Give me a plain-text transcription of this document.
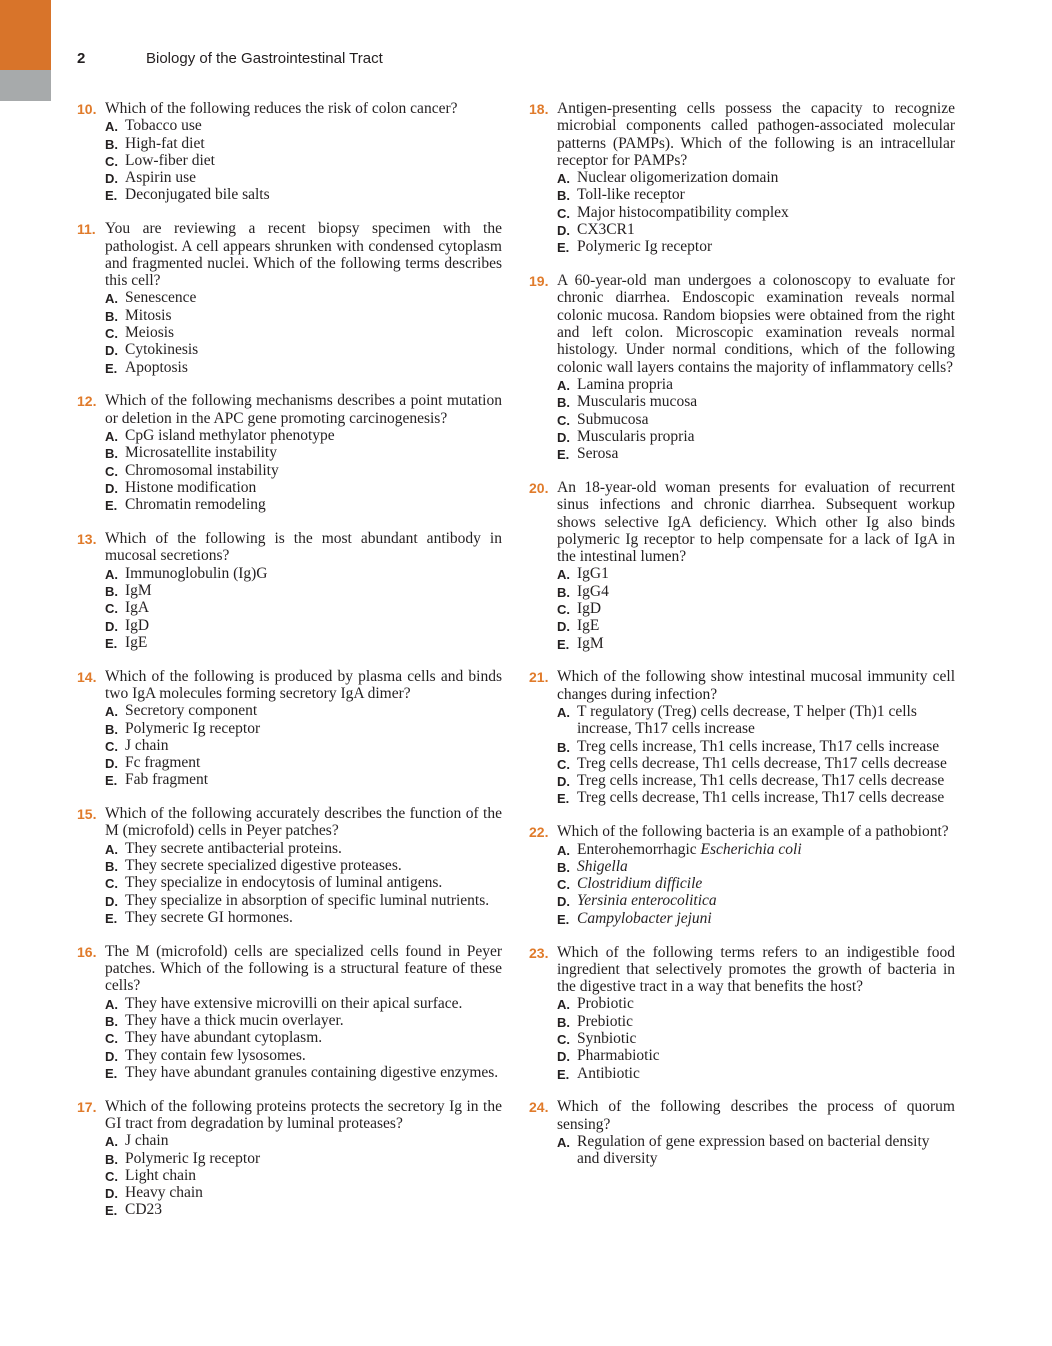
2	Biology of the Gastrointestinal Tract
10. Which of the following reduces the risk of colon cancer?
A. Tobacco use
B. High-fat diet
C. Low-fiber diet
D. Aspirin use
E. Deconjugated bile salts
11. You are reviewing a recent biopsy specimen with the pathologist. A cell appears shrunken with condensed cytoplasm and fragmented nuclei. Which of the following terms describes this cell?
A. Senescence
B. Mitosis
C. Meiosis
D. Cytokinesis
E. Apoptosis
12. Which of the following mechanisms describes a point mutation or deletion in the APC gene promoting carcinogenesis?
A. CpG island methylator phenotype
B. Microsatellite instability
C. Chromosomal instability
D. Histone modification
E. Chromatin remodeling
13. Which of the following is the most abundant antibody in mucosal secretions?
A. Immunoglobulin (Ig)G
B. IgM
C. IgA
D. IgD
E. IgE
14. Which of the following is produced by plasma cells and binds two IgA molecules forming secretory IgA dimer?
A. Secretory component
B. Polymeric Ig receptor
C. J chain
D. Fc fragment
E. Fab fragment
15. Which of the following accurately describes the function of the M (microfold) cells in Peyer patches?
A. They secrete antibacterial proteins.
B. They secrete specialized digestive proteases.
C. They specialize in endocytosis of luminal antigens.
D. They specialize in absorption of specific luminal nutrients.
E. They secrete GI hormones.
16. The M (microfold) cells are specialized cells found in Peyer patches. Which of the following is a structural feature of these cells?
A. They have extensive microvilli on their apical surface.
B. They have a thick mucin overlayer.
C. They have abundant cytoplasm.
D. They contain few lysosomes.
E. They have abundant granules containing digestive enzymes.
17. Which of the following proteins protects the secretory Ig in the GI tract from degradation by luminal proteases?
A. J chain
B. Polymeric Ig receptor
C. Light chain
D. Heavy chain
E. CD23
18. Antigen-presenting cells possess the capacity to recognize microbial components called pathogen-associated molecular patterns (PAMPs). Which of the following is an intracellular receptor for PAMPs?
A. Nuclear oligomerization domain
B. Toll-like receptor
C. Major histocompatibility complex
D. CX3CR1
E. Polymeric Ig receptor
19. A 60-year-old man undergoes a colonoscopy to evaluate for chronic diarrhea. Endoscopic examination reveals normal colonic mucosa. Random biopsies were obtained from the right and left colon. Microscopic examination reveals normal histology. Under normal conditions, which of the following colonic wall layers contains the majority of inflammatory cells?
A. Lamina propria
B. Muscularis mucosa
C. Submucosa
D. Muscularis propria
E. Serosa
20. An 18-year-old woman presents for evaluation of recurrent sinus infections and chronic diarrhea. Subsequent workup shows selective IgA deficiency. Which other Ig also binds polymeric Ig receptor to help compensate for a lack of IgA in the intestinal lumen?
A. IgG1
B. IgG4
C. IgD
D. IgE
E. IgM
21. Which of the following show intestinal mucosal immunity cell changes during infection?
A. T regulatory (Treg) cells decrease, T helper (Th)1 cells increase, Th17 cells increase
B. Treg cells increase, Th1 cells increase, Th17 cells increase
C. Treg cells decrease, Th1 cells decrease, Th17 cells decrease
D. Treg cells increase, Th1 cells decrease, Th17 cells decrease
E. Treg cells decrease, Th1 cells increase, Th17 cells decrease
22. Which of the following bacteria is an example of a pathobiont?
A. Enterohemorrhagic Escherichia coli
B. Shigella
C. Clostridium difficile
D. Yersinia enterocolitica
E. Campylobacter jejuni
23. Which of the following terms refers to an indigestible food ingredient that selectively promotes the growth of bacteria in the digestive tract in a way that benefits the host?
A. Probiotic
B. Prebiotic
C. Synbiotic
D. Pharmabiotic
E. Antibiotic
24. Which of the following describes the process of quorum sensing?
A. Regulation of gene expression based on bacterial density and diversity
